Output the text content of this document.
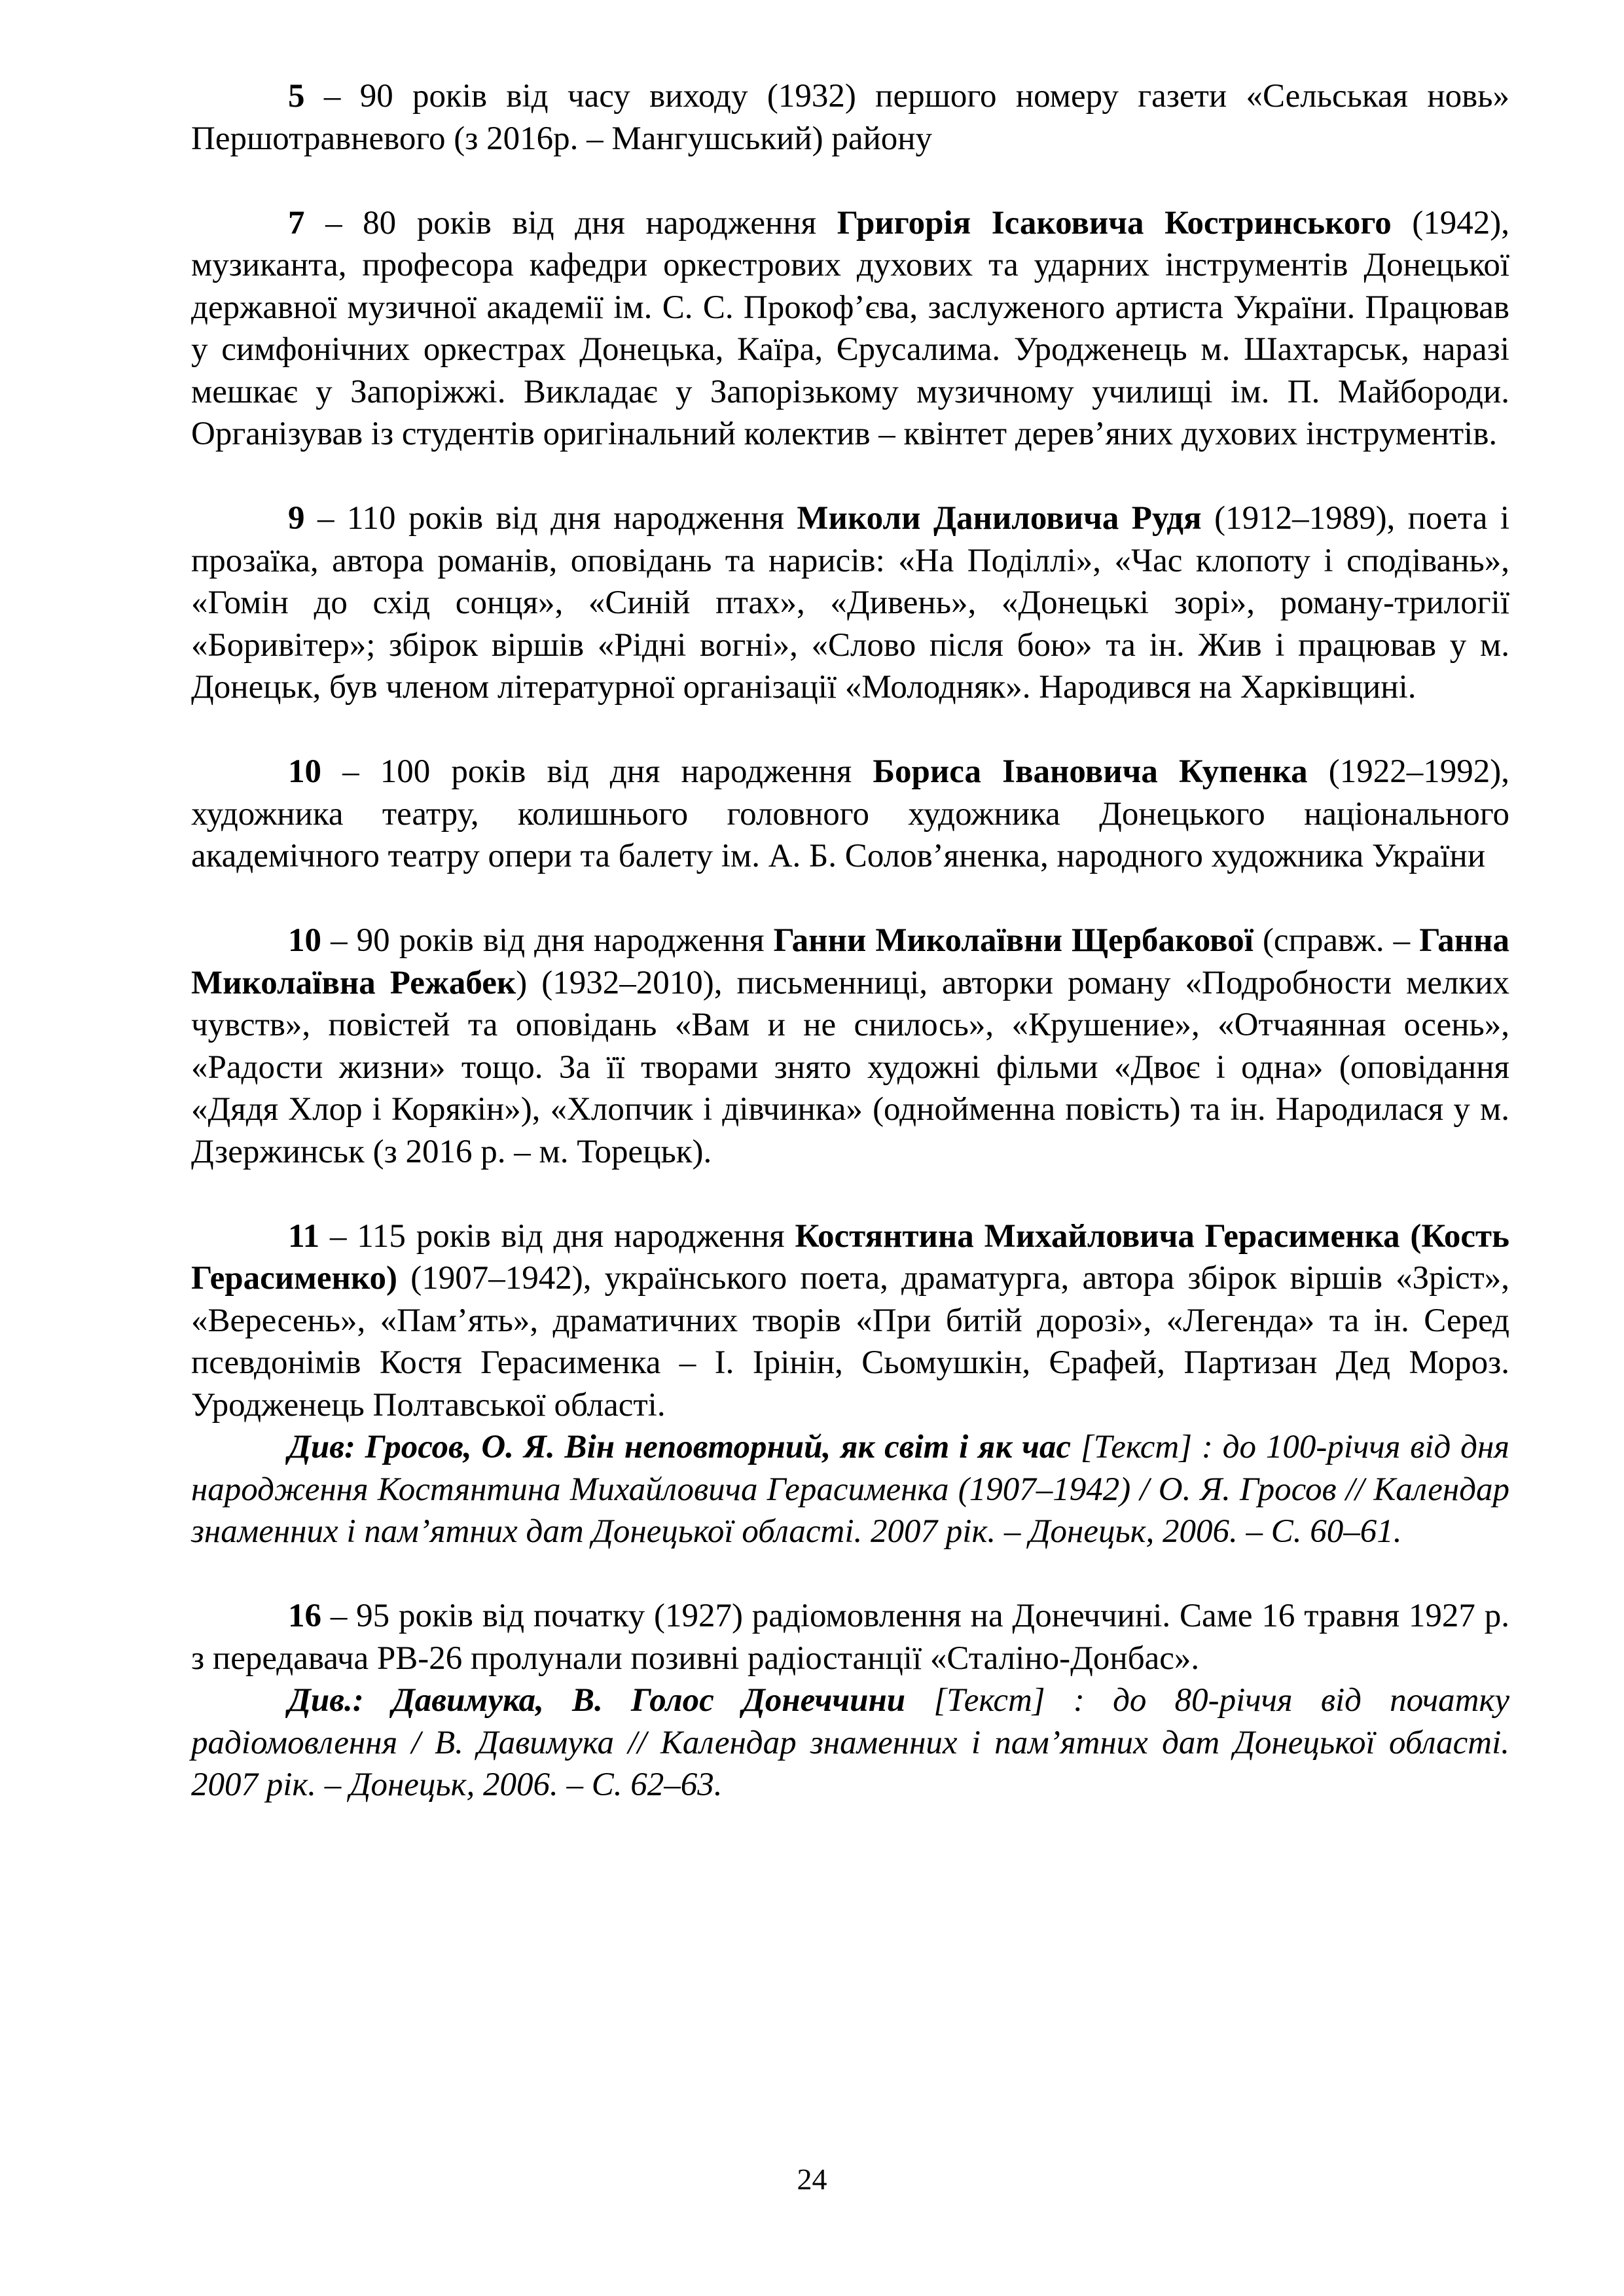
5 – 90 років від часу виходу (1932) першого номеру газети «Сельськая новь» Першотравневого (з 2016р. – Мангушський) району

7 – 80 років від дня народження Григорія Ісаковича Костринського (1942), музиканта, професора кафедри оркестрових духових та ударних інструментів Донецької державної музичної академії ім. С. С. Прокоф’єва, заслуженого артиста України. Працював у симфонічних оркестрах Донецька, Каїра, Єрусалима. Уродженець м. Шахтарськ, наразі мешкає у Запоріжжі. Викладає у Запорізькому музичному училищі ім. П. Майбороди. Організував із студентів оригінальний колектив – квінтет дерев’яних духових інструментів.

9 – 110 років від дня народження Миколи Даниловича Рудя (1912–1989), поета і прозаїка, автора романів, оповідань та нарисів: «На Поділлі», «Час клопоту і сподівань», «Гомін до схід сонця», «Синій птах», «Дивень», «Донецькі зорі», роману-трилогії «Боривітер»; збірок віршів «Рідні вогні», «Слово після бою» та ін. Жив і працював у м. Донецьк, був членом літературної організації «Молодняк». Народився на Харківщині.

10 – 100 років від дня народження Бориса Івановича Купенка (1922–1992), художника театру, колишнього головного художника Донецького національного академічного театру опери та балету ім. А. Б. Солов’яненка, народного художника України

10 – 90 років від дня народження Ганни Миколаївни Щербакової (справж. – Ганна Миколаївна Режабек) (1932–2010), письменниці, авторки роману «Подробности мелких чувств», повістей та оповідань «Вам и не снилось», «Крушение», «Отчаянная осень», «Радости жизни» тощо. За її творами знято художні фільми «Двоє і одна» (оповідання «Дядя Хлор і Корякін»), «Хлопчик і дівчинка» (однойменна повість) та ін. Народилася у м. Дзержинськ (з 2016 р. – м. Торецьк).

11 – 115 років від дня народження Костянтина Михайловича Герасименка (Кость Герасименко) (1907–1942), українського поета, драматурга, автора збірок віршів «Зріст», «Вересень», «Пам’ять», драматичних творів «При битій дорозі», «Легенда» та ін. Серед псевдонімів Костя Герасименка – І. Ірінін, Сьомушкін, Єрафей, Партизан Дед Мороз. Уродженець Полтавської області.

Див: Гросов, О. Я. Він неповторний, як світ і як час [Текст] : до 100-річчя від дня народження Костянтина Михайловича Герасименка (1907–1942) / О. Я. Гросов // Календар знаменних і пам’ятних дат Донецької області. 2007 рік. – Донецьк, 2006. – С. 60–61.

16 – 95 років від початку (1927) радіомовлення на Донеччині. Саме 16 травня 1927 р. з передавача РВ-26 пролунали позивні радіостанції «Сталіно-Донбас».

Див.: Давимука, В. Голос Донеччини [Текст] : до 80-річчя від початку радіомовлення / В. Давимука // Календар знаменних і пам’ятних дат Донецької області. 2007 рік. – Донецьк, 2006. – С. 62–63.

24
